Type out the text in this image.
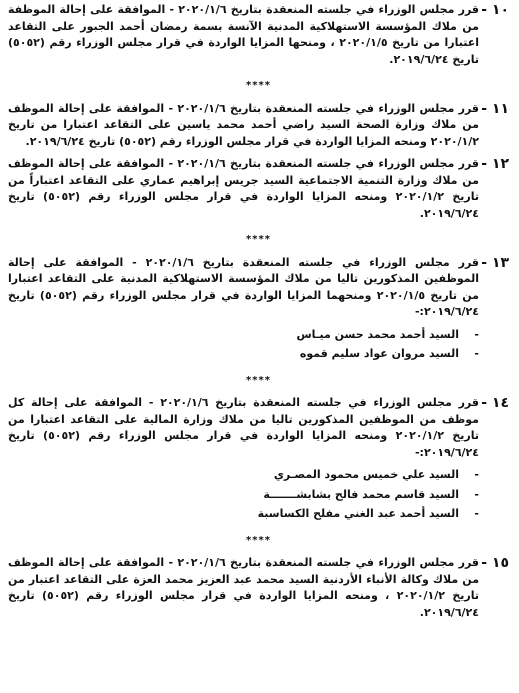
١٠ -
قرر مجلس الوزراء في جلسته المنعقدة بتاريخ ٢٠٢٠/١/٦ - الموافقة على إحالة الموظفة من ملاك المؤسسة الاستهلاكية المدنية الآنسة بسمة رمضان أحمد الجبور على التقاعد اعتبارا من تاريخ ٢٠٢٠/١/٥ ، ومنحها المزايا الواردة في قرار مجلس الوزراء رقم (٥٠٥٢) تاريخ ٢٠١٩/٦/٢٤.
****
١١ -
قرر مجلس الوزراء في جلسته المنعقدة بتاريخ ٢٠٢٠/١/٦ - الموافقة على إحالة الموظف من ملاك وزارة الصحة السيد راضي أحمد محمد ياسين على التقاعد اعتبارا من تاريخ ٢٠٢٠/١/٢ ومنحه المزايا الواردة في قرار مجلس الوزراء رقم (٥٠٥٢) تاريخ ٢٠١٩/٦/٢٤.
١٢ -
قرر مجلس الوزراء في جلسته المنعقدة بتاريخ ٢٠٢٠/١/٦ - الموافقة على إحالة الموظف من ملاك وزارة التنمية الاجتماعية السيد جريس إبراهيم عماري على التقاعد اعتباراً من تاريخ ٢٠٢٠/١/٢ ومنحه المزايا الواردة في قرار مجلس الوزراء رقم (٥٠٥٢) تاريخ ٢٠١٩/٦/٢٤.
****
١٣ -
قرر مجلس الوزراء في جلسته المنعقدة بتاريخ ٢٠٢٠/١/٦ - الموافقة على إحالة الموظفين المذكورين تاليا من ملاك المؤسسة الاستهلاكية المدنية على التقاعد اعتبارا من تاريخ ٢٠٢٠/١/٥ ومنحهما المزايا الواردة في قرار مجلس الوزراء رقم (٥٠٥٢) تاريخ ٢٠١٩/٦/٢٤:-
-
السيد أحمد محمد حسن ميـاس
-
السيد مروان عواد سليم قموه
****
١٤ -
قرر مجلس الوزراء في جلسته المنعقدة بتاريخ ٢٠٢٠/١/٦ - الموافقة على إحالة كل موظف من الموظفين المذكورين تاليا من ملاك وزارة المالية على التقاعد اعتبارا من تاريخ ٢٠٢٠/١/٢ ومنحه المزايا الواردة في قرار مجلس الوزراء رقم (٥٠٥٢) تاريخ ٢٠١٩/٦/٢٤:-
-
السيد علي خميس محمود المصـري
-
السيد قاسم محمد فالح بشابشـــــــة
-
السيد أحمد عبد الغني مفلح الكساسبة
****
١٥ -
قرر مجلس الوزراء في جلسته المنعقدة بتاريخ ٢٠٢٠/١/٦ - الموافقة على إحالة الموظف من ملاك وكالة الأنباء الأردنية السيد محمد عبد العزيز محمد العزة على التقاعد اعتبار من تاريخ ٢٠٢٠/١/٢ ، ومنحه المزايا الواردة في قرار مجلس الوزراء رقم (٥٠٥٢) تاريخ ٢٠١٩/٦/٢٤.
